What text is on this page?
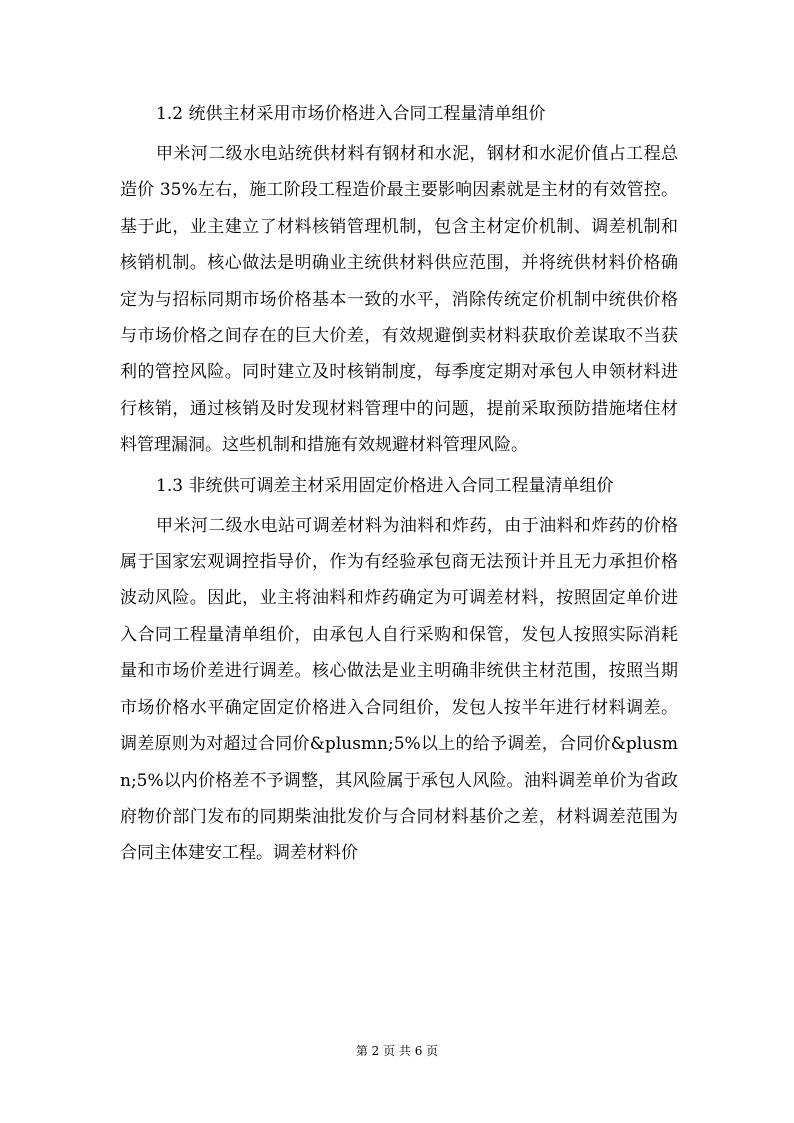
1.2 统供主材采用市场价格进入合同工程量清单组价

甲米河二级水电站统供材料有钢材和水泥，钢材和水泥价值占工程总造价 35%左右，施工阶段工程造价最主要影响因素就是主材的有效管控。基于此，业主建立了材料核销管理机制，包含主材定价机制、调差机制和核销机制。核心做法是明确业主统供材料供应范围，并将统供材料价格确定为与招标同期市场价格基本一致的水平，消除传统定价机制中统供价格与市场价格之间存在的巨大价差，有效规避倒卖材料获取价差谋取不当获利的管控风险。同时建立及时核销制度，每季度定期对承包人申领材料进行核销，通过核销及时发现材料管理中的问题，提前采取预防措施堵住材料管理漏洞。这些机制和措施有效规避材料管理风险。

1.3 非统供可调差主材采用固定价格进入合同工程量清单组价

甲米河二级水电站可调差材料为油料和炸药，由于油料和炸药的价格属于国家宏观调控指导价，作为有经验承包商无法预计并且无力承担价格波动风险。因此，业主将油料和炸药确定为可调差材料，按照固定单价进入合同工程量清单组价，由承包人自行采购和保管，发包人按照实际消耗量和市场价差进行调差。核心做法是业主明确非统供主材范围，按照当期市场价格水平确定固定价格进入合同组价，发包人按半年进行材料调差。调差原则为对超过合同价&plusmn;5%以上的给予调差，合同价&plusmn;5%以内价格差不予调整，其风险属于承包人风险。油料调差单价为省政府物价部门发布的同期柴油批发价与合同材料基价之差，材料调差范围为合同主体建安工程。调差材料价

第 2 页 共 6 页
